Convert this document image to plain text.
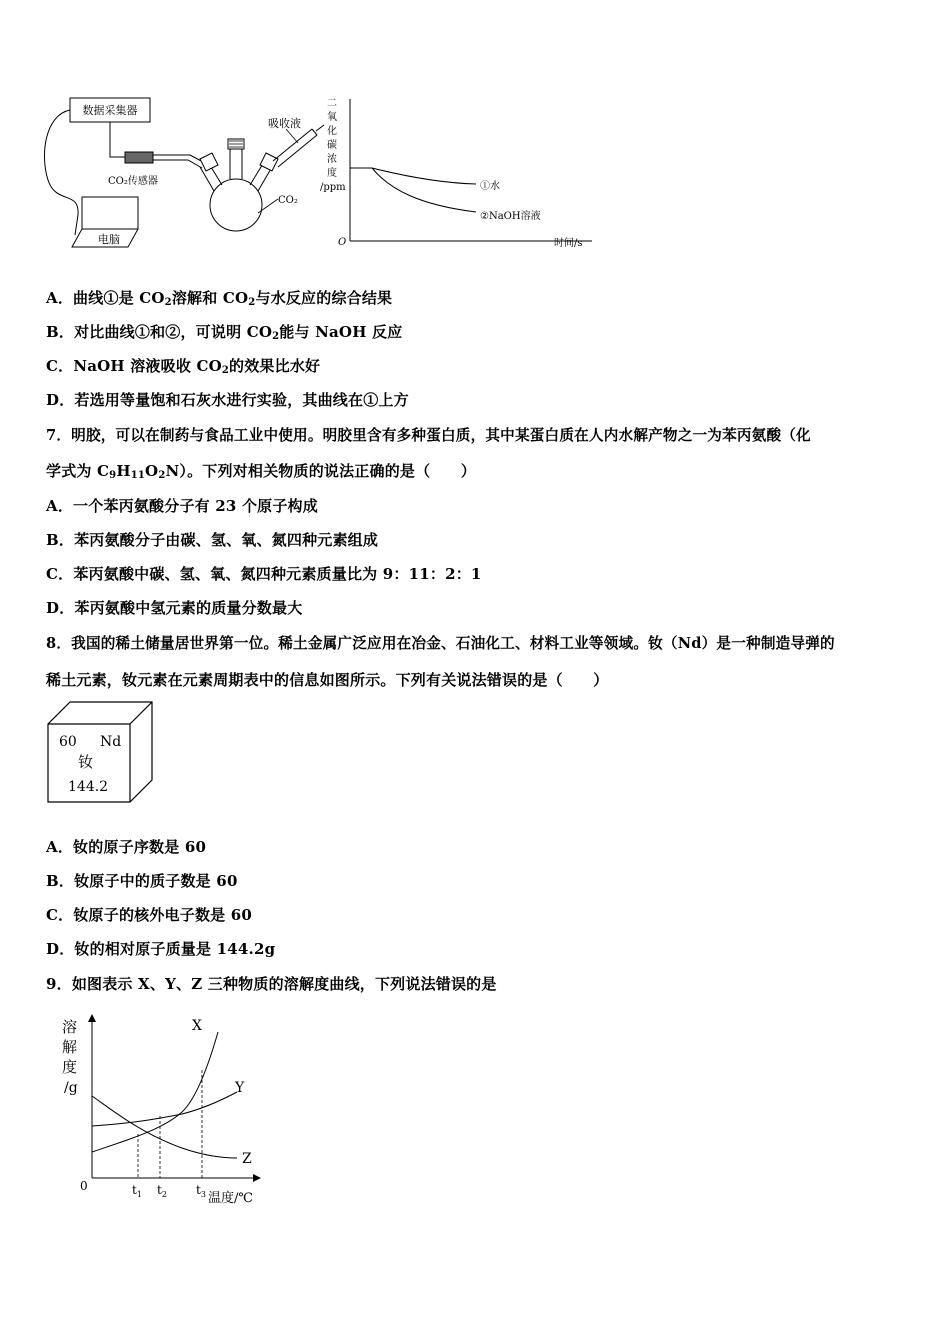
数据采集器
电脑
CO₂传感器
吸收液
CO₂
二
氧
化
碳
浓
度
/ppm
O	时间/s
①水
②NaOH溶液
A．曲线①是 $CO_2$溶解和 $CO_2$与水反应的综合结果
B．对比曲线①和②，可说明 $CO_2$能与 NaOH 反应
C．NaOH 溶液吸收 $CO_2$的效果比水好
D．若选用等量饱和石灰水进行实验，其曲线在①上方
7．明胶，可以在制药与食品工业中使用。明胶里含有多种蛋白质，其中某蛋白质在人内水解产物之一为苯丙氨酸（化
学式为 $C_9H_{11}O_2N$）。下列对相关物质的说法正确的是（　　）
A．一个苯丙氨酸分子有 23 个原子构成
B．苯丙氨酸分子由碳、氢、氧、氮四种元素组成
C．苯丙氨酸中碳、氢、氧、氮四种元素质量比为 9：11：2：1
D．苯丙氨酸中氢元素的质量分数最大
8．我国的稀土储量居世界第一位。稀土金属广泛应用在冶金、石油化工、材料工业等领域。钕（Nd）是一种制造导弹的
稀土元素，钕元素在元素周期表中的信息如图所示。下列有关说法错误的是（　　）
60 Nd
钕
144.2
A．钕的原子序数是 60
B．钕原子中的质子数是 60
C．钕原子的核外电子数是 60
D．钕的相对原子质量是 144.2g
9．如图表示 X、Y、Z 三种物质的溶解度曲线，下列说法错误的是
溶
解
度
/g
0
温度/℃
X
Y
Z
$t_1$ $t_2$ $t_3$
